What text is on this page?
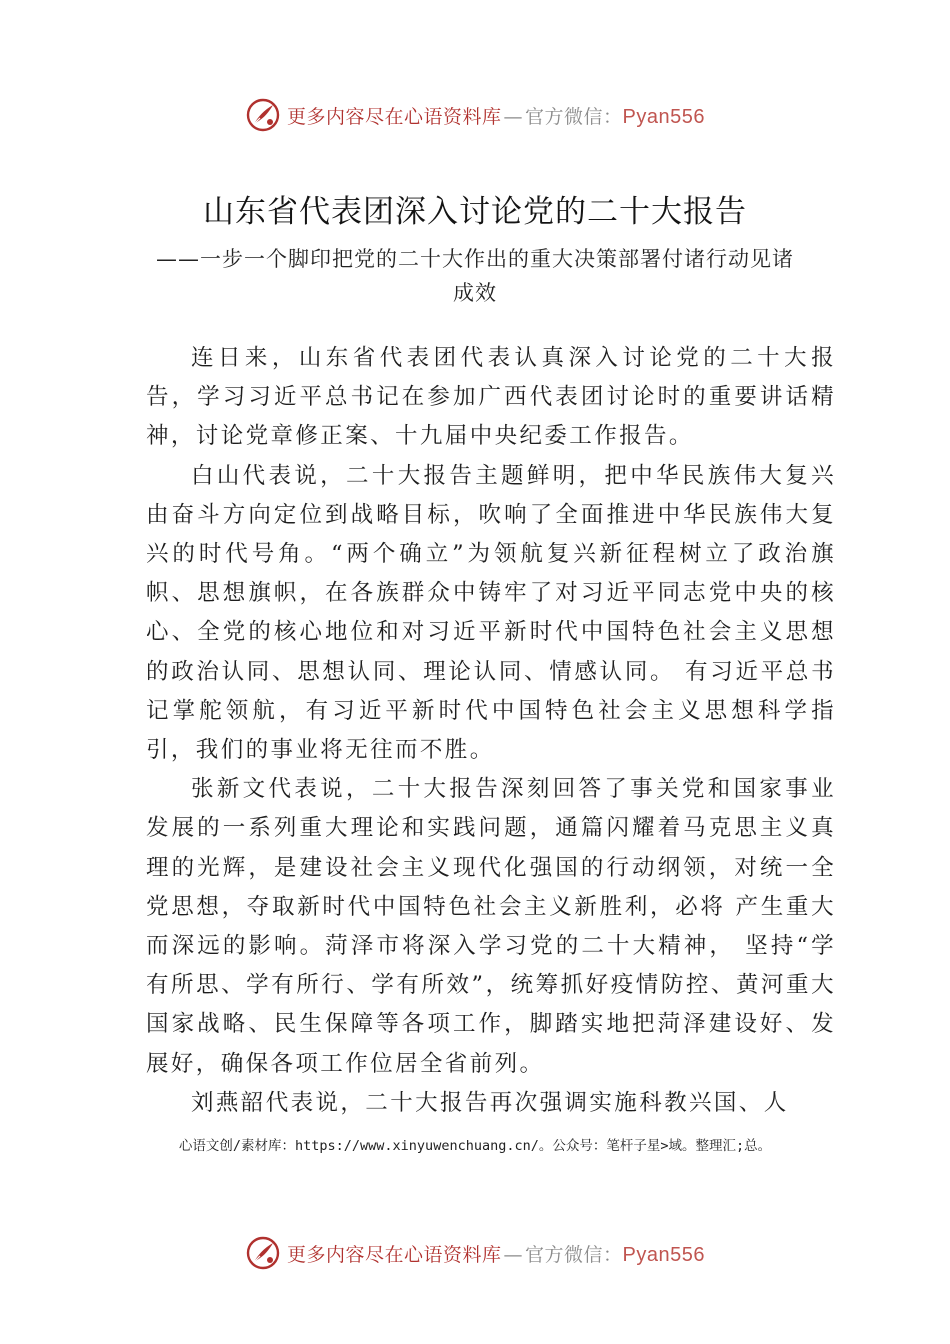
更多内容尽在心语资料库 — 官方微信：Pyan556
山东省代表团深入讨论党的二十大报告
——一步一个脚印把党的二十大作出的重大决策部署付诸行动见诸成效

连日来，山东省代表团代表认真深入讨论党的二十大报告，学习习近平总书记在参加广西代表团讨论时的重要讲话精神，讨论党章修正案、十九届中央纪委工作报告。

白山代表说，二十大报告主题鲜明，把中华民族伟大复兴由奋斗方向定位到战略目标，吹响了全面推进中华民族伟大复兴的时代号角。“两个确立”为领航复兴新征程树立了政治旗帜、思想旗帜，在各族群众中铸牢了对习近平同志党中央的核心、全党的核心地位和对习近平新时代中国特色社会主义思想的政治认同、思想认同、理论认同、情感认同。 有习近平总书记掌舵领航，有习近平新时代中国特色社会主义思想科学指引，我们的事业将无往而不胜。

张新文代表说，二十大报告深刻回答了事关党和国家事业发展的一系列重大理论和实践问题，通篇闪耀着马克思主义真理的光辉，是建设社会主义现代化强国的行动纲领，对统一全党思想，夺取新时代中国特色社会主义新胜利，必将 产生重大而深远的影响。菏泽市将深入学习党的二十大精神， 坚持“学有所思、学有所行、学有所效”，统筹抓好疫情防控、黄河重大国家战略、民生保障等各项工作，脚踏实地把菏泽建设好、发展好，确保各项工作位居全省前列。

刘燕韶代表说，二十大报告再次强调实施科教兴国、人

心语文创/素材库：https://www.xinyuwenchuang.cn/。公众号：笔杆子星>域。整理汇;总。
更多内容尽在心语资料库 — 官方微信：Pyan556
